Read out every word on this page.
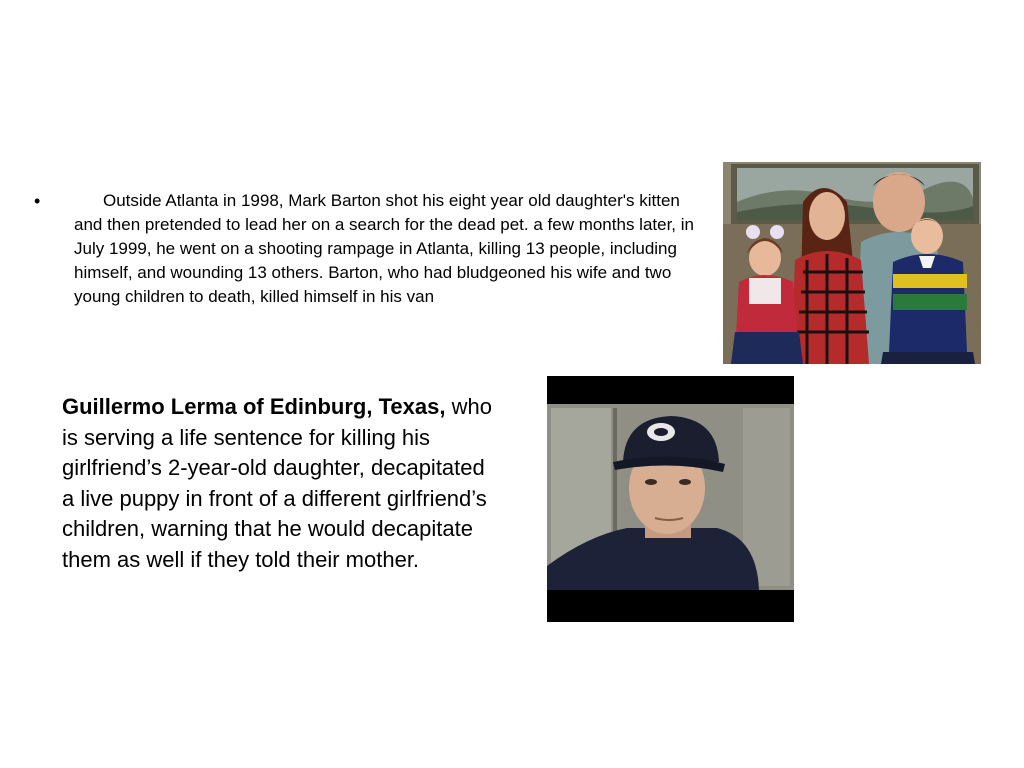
•	Outside Atlanta in 1998, Mark Barton shot his eight year old daughter's kitten and then pretended to lead her on a search for the dead pet. a few months later, in July 1999, he went on a shooting rampage in Atlanta, killing 13 people, including himself, and wounding 13 others. Barton, who had bludgeoned his wife and two young children to death, killed himself in his van
Guillermo Lerma of Edinburg, Texas, who is serving a life sentence for killing his girlfriend’s 2-year-old daughter, decapitated a live puppy in front of a different girlfriend’s children, warning that he would decapitate them as well if they told their mother.
